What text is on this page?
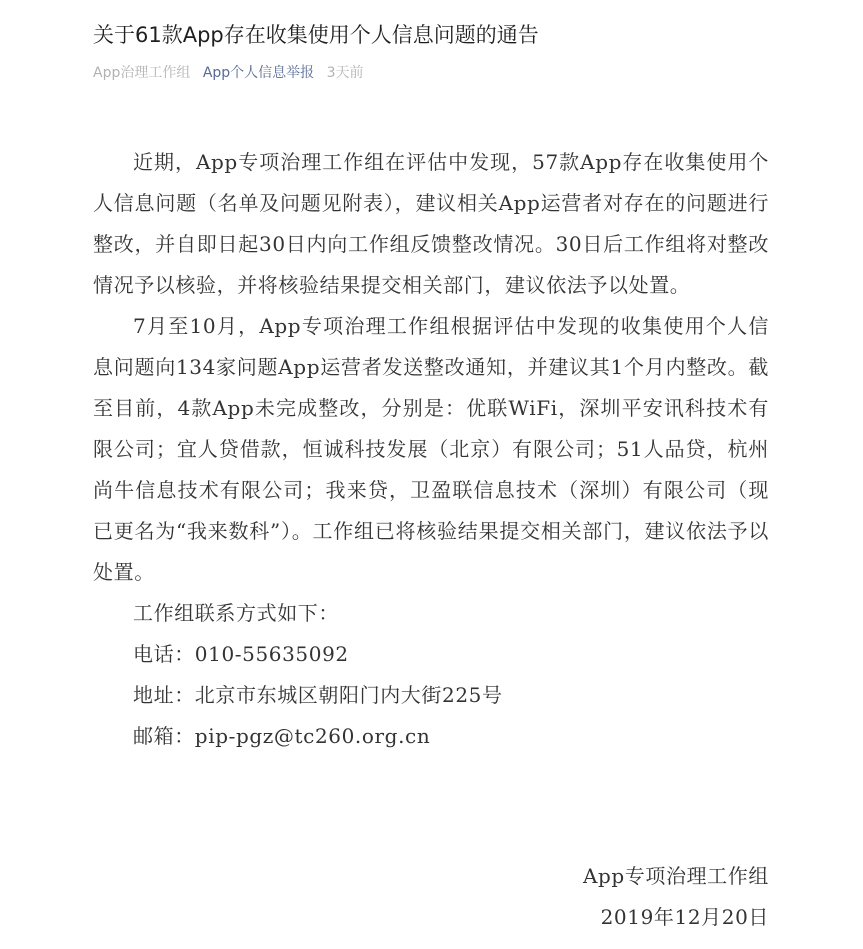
关于61款App存在收集使用个人信息问题的通告
App治理工作组 App个人信息举报 3天前

近期，App专项治理工作组在评估中发现，57款App存在收集使用个人信息问题（名单及问题见附表），建议相关App运营者对存在的问题进行整改，并自即日起30日内向工作组反馈整改情况。30日后工作组将对整改情况予以核验，并将核验结果提交相关部门，建议依法予以处置。

7月至10月，App专项治理工作组根据评估中发现的收集使用个人信息问题向134家问题App运营者发送整改通知，并建议其1个月内整改。截至目前，4款App未完成整改，分别是：优联WiFi，深圳平安讯科技术有限公司；宜人贷借款，恒诚科技发展（北京）有限公司；51人品贷，杭州尚牛信息技术有限公司；我来贷，卫盈联信息技术（深圳）有限公司（现已更名为“我来数科”）。工作组已将核验结果提交相关部门，建议依法予以处置。

工作组联系方式如下：

电话：010-55635092

地址：北京市东城区朝阳门内大街225号

邮箱：pip-pgz@tc260.org.cn

App专项治理工作组
2019年12月20日
